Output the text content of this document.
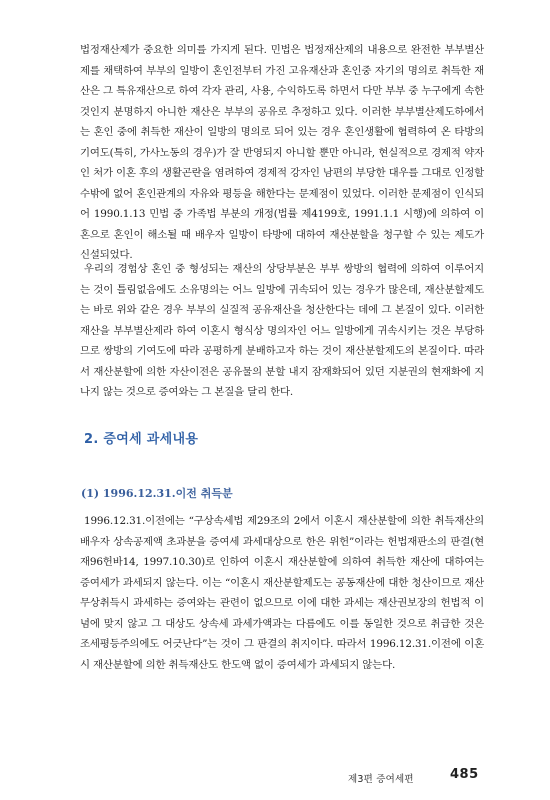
법정재산제가 중요한 의미를 가지게 된다. 민법은 법정재산제의 내용으로 완전한 부부별산제를 채택하여 부부의 일방이 혼인전부터 가진 고유재산과 혼인중 자기의 명의로 취득한 재산은 그 특유재산으로 하여 각자 관리, 사용, 수익하도록 하면서 다만 부부 중 누구에게 속한 것인지 분명하지 아니한 재산은 부부의 공유로 추정하고 있다. 이러한 부부별산제도하에서는 혼인 중에 취득한 재산이 일방의 명의로 되어 있는 경우 혼인생활에 협력하여 온 타방의 기여도(특히, 가사노동의 경우)가 잘 반영되지 아니할 뿐만 아니라, 현실적으로 경제적 약자인 처가 이혼 후의 생활곤란을 염려하여 경제적 강자인 남편의 부당한 대우를 그대로 인정할 수밖에 없어 혼인관계의 자유와 평등을 해한다는 문제점이 있었다. 이러한 문제점이 인식되어 1990.1.13 민법 중 가족법 부분의 개정(법률 제4199호, 1991.1.1 시행)에 의하여 이혼으로 혼인이 해소될 때 배우자 일방이 타방에 대하여 재산분할을 청구할 수 있는 제도가 신설되었다.

우리의 경험상 혼인 중 형성되는 재산의 상당부분은 부부 쌍방의 협력에 의하여 이루어지는 것이 틀림없음에도 소유명의는 어느 일방에 귀속되어 있는 경우가 많은데, 재산분할제도는 바로 위와 같은 경우 부부의 실질적 공유재산을 청산한다는 데에 그 본질이 있다. 이러한 재산을 부부별산제라 하여 이혼시 형식상 명의자인 어느 일방에게 귀속시키는 것은 부당하므로 쌍방의 기여도에 따라 공평하게 분배하고자 하는 것이 재산분할제도의 본질이다. 따라서 재산분할에 의한 자산이전은 공유물의 분할 내지 잠재화되어 있던 지분권의 현재화에 지나지 않는 것으로 증여와는 그 본질을 달리 한다.

2. 증여세 과세내용
(1) 1996.12.31.이전 취득분

1996.12.31.이전에는 “구상속세법 제29조의 2에서 이혼시 재산분할에 의한 취득재산의 배우자 상속공제액 초과분을 증여세 과세대상으로 한은 위헌”이라는 헌법재판소의 판결(현재96헌바14, 1997.10.30)로 인하여 이혼시 재산분할에 의하여 취득한 재산에 대하여는 증여세가 과세되지 않는다. 이는 “이혼시 재산분할제도는 공동재산에 대한 청산이므로 재산 무상취득시 과세하는 증여와는 관련이 없으므로 이에 대한 과세는 재산권보장의 헌법적 이념에 맞지 않고 그 대상도 상속세 과세가액과는 다름에도 이를 동일한 것으로 취급한 것은 조세평등주의에도 어긋난다”는 것이 그 판결의 취지이다. 따라서 1996.12.31.이전에 이혼시 재산분할에 의한 취득재산도 한도액 없이 증여세가 과세되지 않는다.

제3편 증여세편	485
